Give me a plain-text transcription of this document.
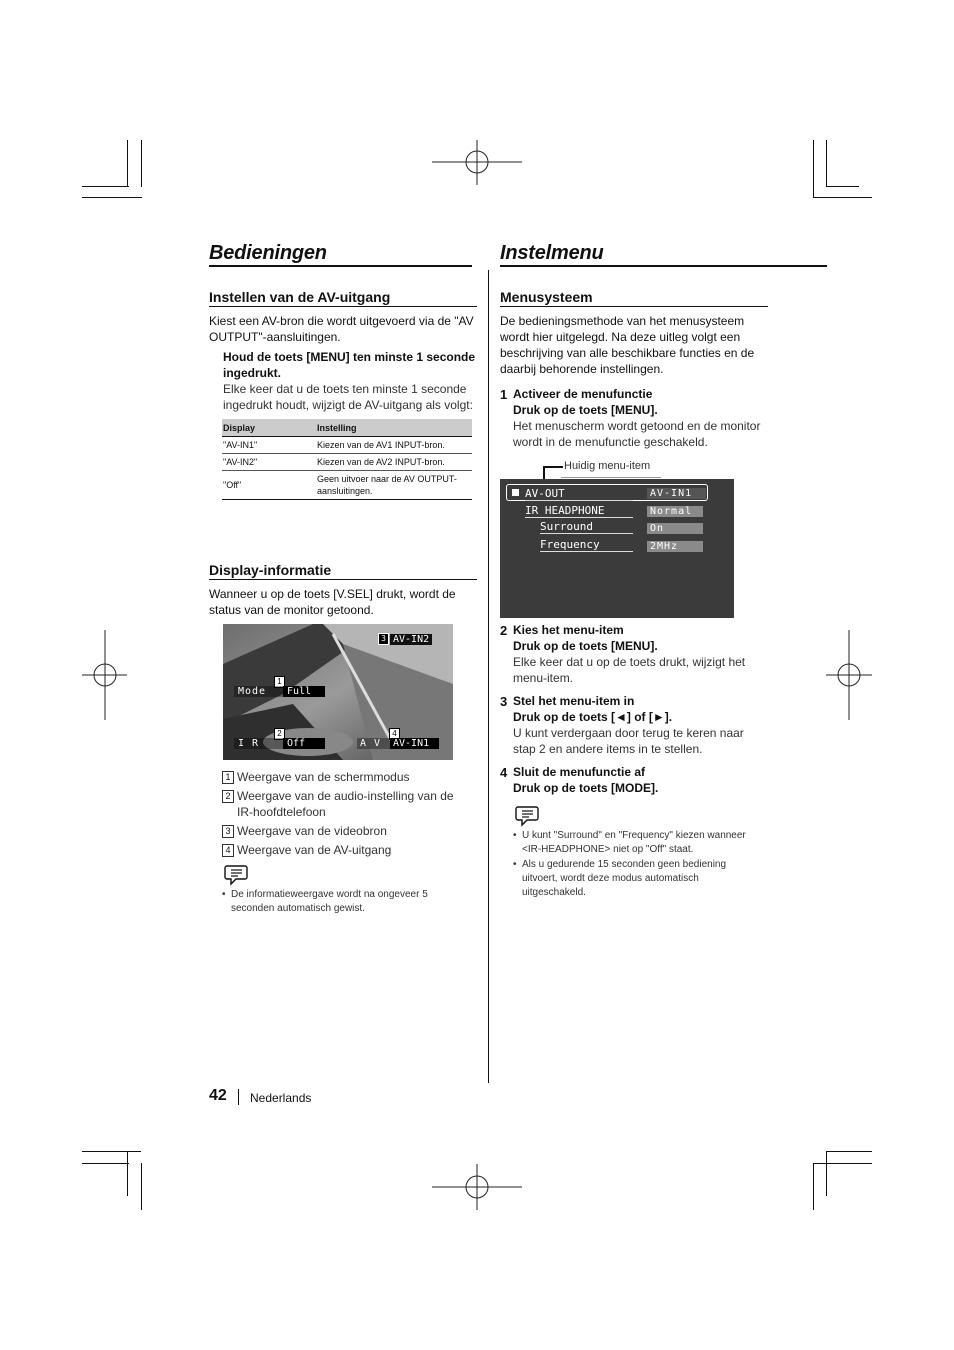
Bedieningen
Instellen van de AV-uitgang
Kiest een AV-bron die wordt uitgevoerd via de "AV OUTPUT"-aansluitingen.
Houd de toets [MENU] ten minste 1 seconde ingedrukt.
Elke keer dat u de toets ten minste 1 seconde ingedrukt houdt, wijzigt de AV-uitgang als volgt:
Display	Instelling
"AV-IN1"	Kiezen van de AV1 INPUT-bron.
"AV-IN2"	Kiezen van de AV2 INPUT-bron.
"Off"	Geen uitvoer naar de AV OUTPUT-aansluitingen.
Display-informatie
Wanneer u op de toets [V.SEL] drukt, wordt de status van de monitor getoond.
3 AV-IN2
1
Mode	Full
2
I R	Off
4
A V	AV-IN1
1 Weergave van de schermmodus
2 Weergave van de audio-instelling van de IR-hoofdtelefoon
3 Weergave van de videobron
4 Weergave van de AV-uitgang
• De informatieweergave wordt na ongeveer 5 seconden automatisch gewist.
Instelmenu
Menusysteem
De bedieningsmethode van het menusysteem wordt hier uitgelegd. Na deze uitleg volgt een beschrijving van alle beschikbare functies en de daarbij behorende instellingen.
1 Activeer de menufunctie
Druk op de toets [MENU].
Het menuscherm wordt getoond en de monitor wordt in de menufunctie geschakeld.
Huidig menu-item
AV-OUT	AV-IN1
IR HEADPHONE	Normal
Surround	On
Frequency	2MHz
2 Kies het menu-item
Druk op de toets [MENU].
Elke keer dat u op de toets drukt, wijzigt het menu-item.
3 Stel het menu-item in
Druk op de toets [◄] of [►].
U kunt verdergaan door terug te keren naar stap 2 en andere items in te stellen.
4 Sluit de menufunctie af
Druk op de toets [MODE].
• U kunt "Surround" en "Frequency" kiezen wanneer <IR-HEADPHONE> niet op "Off" staat.
• Als u gedurende 15 seconden geen bediening uitvoert, wordt deze modus automatisch uitgeschakeld.
42 Nederlands
